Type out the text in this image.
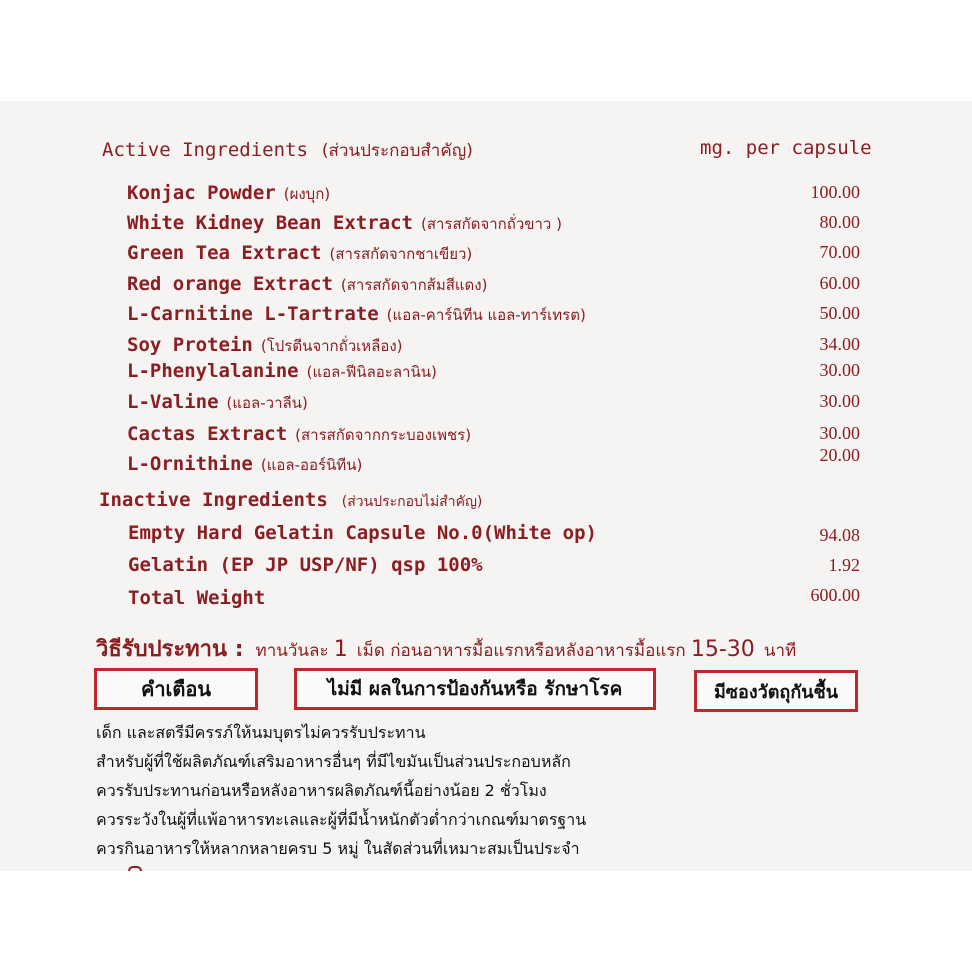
Active Ingredients (ส่วนประกอบสำคัญ)	mg. per capsule
Konjac Powder (ผงบุก)	100.00
White Kidney Bean Extract (สารสกัดจากถั่วขาว )	80.00
Green Tea Extract (สารสกัดจากชาเขียว)	70.00
Red orange Extract (สารสกัดจากส้มสีแดง)	60.00
L-Carnitine L-Tartrate (แอล-คาร์นิทีน แอล-ทาร์เทรต)	50.00
Soy Protein (โปรตีนจากถั่วเหลือง)	34.00
L-Phenylalanine (แอล-ฟีนิลอะลานิน)	30.00
L-Valine (แอล-วาลีน)	30.00
Cactas Extract (สารสกัดจากกระบองเพชร)	30.00
L-Ornithine (แอล-ออร์นิทีน)	20.00
Inactive Ingredients (ส่วนประกอบไม่สำคัญ)
Empty Hard Gelatin Capsule No.0(White op)	94.08
Gelatin (EP JP USP/NF) qsp 100%	1.92
Total Weight	600.00
วิธีรับประทาน : ทานวันละ 1 เม็ด ก่อนอาหารมื้อแรกหรือหลังอาหารมื้อแรก 15-30 นาที
คำเตือน	ไม่มี ผลในการป้องกันหรือ รักษาโรค	มีซองวัตถุกันชื้น
เด็ก และสตรีมีครรภ์ให้นมบุตรไม่ควรรับประทาน
สำหรับผู้ที่ใช้ผลิตภัณฑ์เสริมอาหารอื่นๆ ที่มีไขมันเป็นส่วนประกอบหลัก
ควรรับประทานก่อนหรือหลังอาหารผลิตภัณฑ์นี้อย่างน้อย 2 ชั่วโมง
ควรระวังในผู้ที่แพ้อาหารทะเลและผู้ที่มีน้ำหนักตัวต่ำกว่าเกณฑ์มาตรฐาน
ควรกินอาหารให้หลากหลายครบ 5 หมู่ ในสัดส่วนที่เหมาะสมเป็นประจำ
